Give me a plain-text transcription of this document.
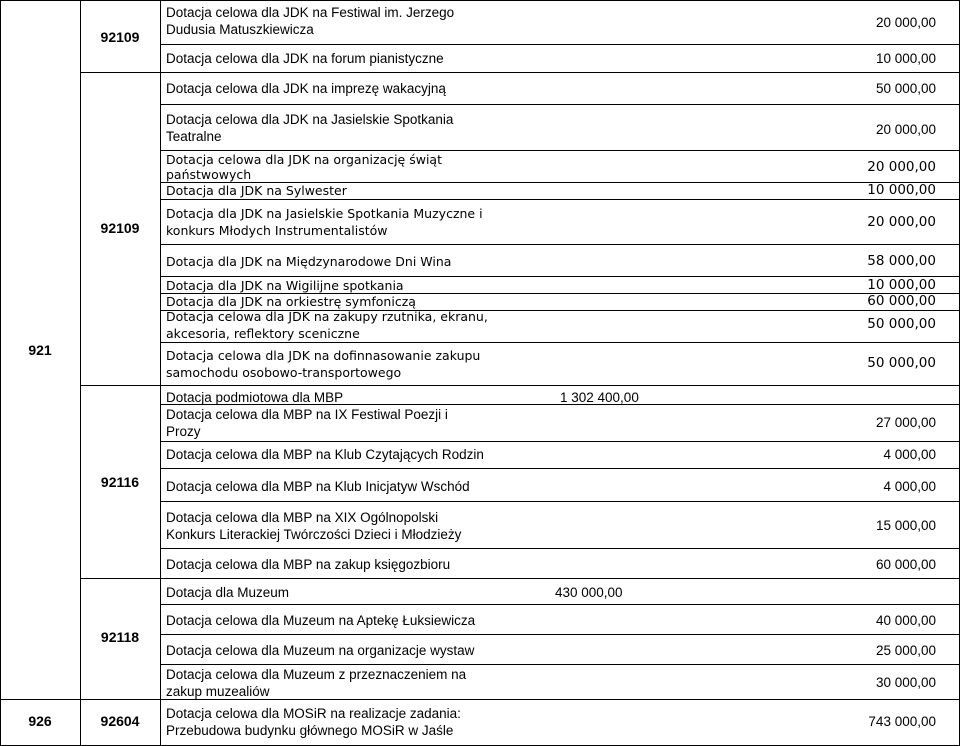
921
926
92109
92109
92116
92118
92604
Dotacja celowa dla JDK na Festiwal im. Jerzego
Dudusia Matuszkiewicza
Dotacja celowa dla JDK na forum pianistyczne
Dotacja celowa dla JDK na imprezę wakacyjną
Dotacja celowa dla JDK na Jasielskie Spotkania
Teatralne
Dotacja celowa dla JDK na organizację świąt
państwowych
Dotacja dla JDK na Sylwester
Dotacja dla JDK na Jasielskie Spotkania Muzyczne i
konkurs Młodych Instrumentalistów
Dotacja dla JDK na Międzynarodowe Dni Wina
Dotacja dla JDK na Wigilijne spotkania
Dotacja dla JDK na orkiestrę symfoniczą
Dotacja celowa dla JDK na zakupy rzutnika, ekranu,
akcesoria, reflektory sceniczne
Dotacja celowa dla JDK na dofinnasowanie zakupu
samochodu osobowo-transportowego
Dotacja podmiotowa dla MBP
Dotacja celowa dla MBP na IX Festiwal Poezji i
Prozy
Dotacja celowa dla MBP na Klub Czytających Rodzin
Dotacja celowa dla MBP na Klub Inicjatyw Wschód
Dotacja celowa dla MBP na XIX Ogólnopolski
Konkurs Literackiej Twórczości Dzieci i Młodzieży
Dotacja celowa dla MBP na zakup księgozbioru
Dotacja dla Muzeum
Dotacja celowa dla Muzeum na Aptekę Łuksiewicza
Dotacja celowa dla Muzeum na organizacje wystaw
Dotacja celowa dla Muzeum z przeznaczeniem na
zakup muzealiów
Dotacja celowa dla MOSiR na realizacje zadania:
Przebudowa budynku głównego MOSiR w Jaśle
20 000,00
10 000,00
50 000,00
20 000,00
20 000,00
10 000,00
20 000,00
58 000,00
10 000,00
60 000,00
50 000,00
50 000,00
1 302 400,00
27 000,00
4 000,00
4 000,00
15 000,00
60 000,00
430 000,00
40 000,00
25 000,00
30 000,00
743 000,00
